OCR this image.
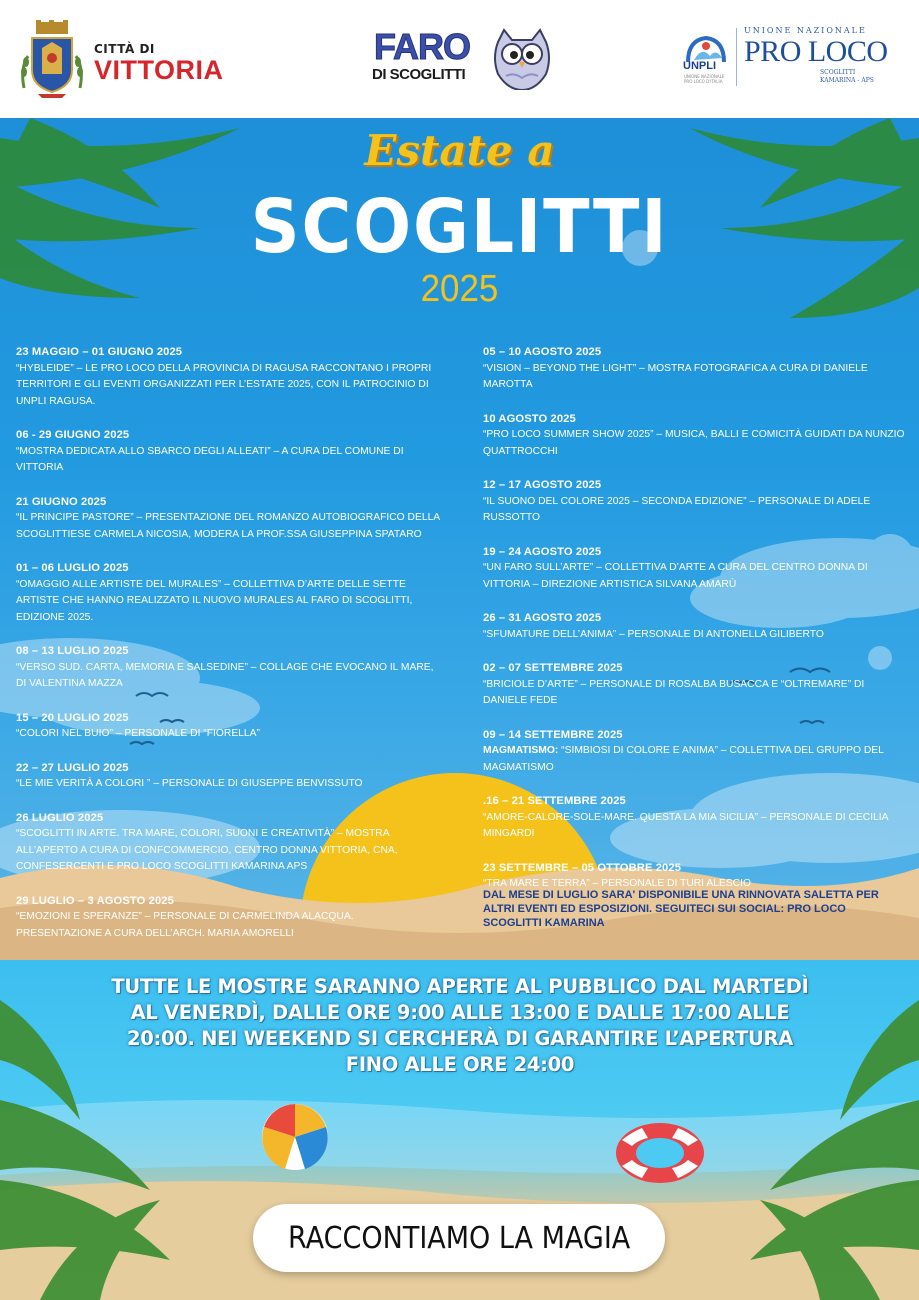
CITTÀ DI
VITTORIA
FARO
DI SCOGLITTI	UNPLI
UNIONE NAZIONALE PRO LOCO D'ITALIA
UNIONE NAZIONALE
PRO LOCO
SCOGLITTI
KAMARINA - APS
Estate a
SCOGLITTI
2025
23 MAGGIO – 01 GIUGNO 2025
“HYBLEIDE” – LE PRO LOCO DELLA PROVINCIA DI RAGUSA RACCONTANO I PROPRI TERRITORI E GLI EVENTI ORGANIZZATI PER L’ESTATE 2025, CON IL PATROCINIO DI UNPLI RAGUSA.
06 - 29 GIUGNO 2025
“MOSTRA DEDICATA ALLO SBARCO DEGLI ALLEATI” – A CURA DEL COMUNE DI VITTORIA
21 GIUGNO 2025
“IL PRINCIPE PASTORE” – PRESENTAZIONE DEL ROMANZO AUTOBIOGRAFICO DELLA SCOGLITTIESE CARMELA NICOSIA, MODERA LA PROF.SSA GIUSEPPINA SPATARO
01 – 06 LUGLIO 2025
“OMAGGIO ALLE ARTISTE DEL MURALES” – COLLETTIVA D’ARTE DELLE SETTE ARTISTE CHE HANNO REALIZZATO IL NUOVO MURALES AL FARO DI SCOGLITTI, EDIZIONE 2025.
08 – 13 LUGLIO 2025
“VERSO SUD. CARTA, MEMORIA E SALSEDINE” – COLLAGE CHE EVOCANO IL MARE, DI VALENTINA MAZZA
15 – 20 LUGLIO 2025
“COLORI NEL BUIO” – PERSONALE DI “FIORELLA”
22 – 27 LUGLIO 2025
“LE MIE VERITÀ A COLORI ” – PERSONALE DI GIUSEPPE BENVISSUTO
26 LUGLIO 2025
“SCOGLITTI IN ARTE. TRA MARE, COLORI, SUONI E CREATIVITÀ” – MOSTRA ALL’APERTO A CURA DI CONFCOMMERCIO, CENTRO DONNA VITTORIA, CNA, CONFESERCENTI E PRO LOCO SCOGLITTI KAMARINA APS
29 LUGLIO – 3 AGOSTO 2025
“EMOZIONI E SPERANZE” – PERSONALE DI CARMELINDA ALACQUA. PRESENTAZIONE A CURA DELL’ARCH. MARIA AMORELLI
05 – 10 AGOSTO 2025
“VISION – BEYOND THE LIGHT” – MOSTRA FOTOGRAFICA A CURA DI DANIELE MAROTTA
10 AGOSTO 2025
“PRO LOCO SUMMER SHOW 2025” – MUSICA, BALLI E COMICITÀ GUIDATI DA NUNZIO QUATTROCCHI
12 – 17 AGOSTO 2025
“IL SUONO DEL COLORE 2025 – SECONDA EDIZIONE” – PERSONALE DI ADELE RUSSOTTO
19 – 24 AGOSTO 2025
“UN FARO SULL’ARTE” – COLLETTIVA D’ARTE A CURA DEL CENTRO DONNA DI VITTORIA – DIREZIONE ARTISTICA SILVANA AMARÙ
26 – 31 AGOSTO 2025
“SFUMATURE DELL’ANIMA” – PERSONALE DI ANTONELLA GILIBERTO
02 – 07 SETTEMBRE 2025
“BRICIOLE D’ARTE” – PERSONALE DI ROSALBA BUSACCA E “OLTREMARE” DI DANIELE FEDE
09 – 14 SETTEMBRE 2025
MAGMATISMO: “SIMBIOSI DI COLORE E ANIMA” – COLLETTIVA DEL GRUPPO DEL MAGMATISMO
.16 – 21 SETTEMBRE 2025
“AMORE-CALORE-SOLE-MARE. QUESTA LA MIA SICILIA” – PERSONALE DI CECILIA MINGARDI
23 SETTEMBRE – 05 OTTOBRE 2025
“TRA MARE E TERRA” – PERSONALE DI TURI ALESCIO
DAL MESE DI LUGLIO SARA' DISPONIBILE UNA RINNOVATA SALETTA PER ALTRI EVENTI ED ESPOSIZIONI. SEGUITECI SUI SOCIAL: PRO LOCO SCOGLITTI KAMARINA
TUTTE LE MOSTRE SARANNO APERTE AL PUBBLICO DAL MARTEDÌ AL VENERDÌ, DALLE ORE 9:00 ALLE 13:00 E DALLE 17:00 ALLE 20:00. NEI WEEKEND SI CERCHERÀ DI GARANTIRE L’APERTURA FINO ALLE ORE 24:00
RACCONTIAMO LA MAGIA
